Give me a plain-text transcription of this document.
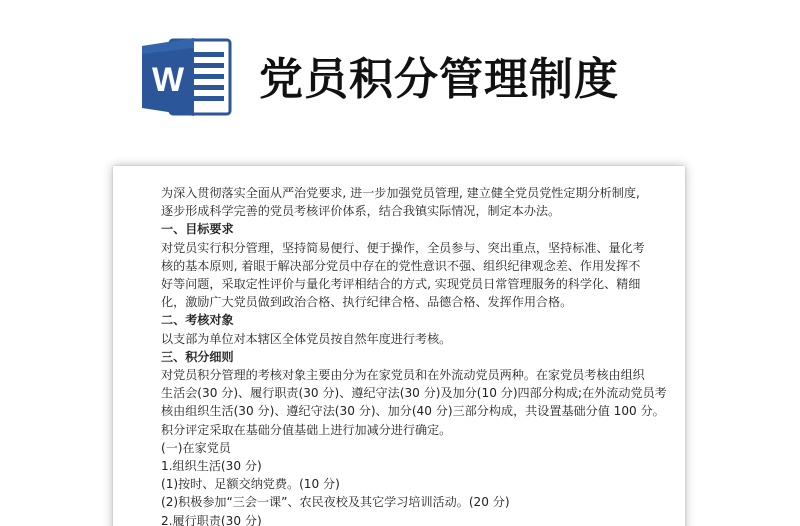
W 党员积分管理制度

为深入贯彻落实全面从严治党要求, 进一步加强党员管理, 建立健全党员党性定期分析制度,

逐步形成科学完善的党员考核评价体系，结合我镇实际情况，制定本办法。

一、目标要求

对党员实行积分管理，坚持简易便行、便于操作，全员参与、突出重点，坚持标准、量化考

核的基本原则, 着眼于解决部分党员中存在的党性意识不强、组织纪律观念差、作用发挥不

好等问题，采取定性评价与量化考评相结合的方式, 实现党员日常管理服务的科学化、精细

化，激励广大党员做到政治合格、执行纪律合格、品德合格、发挥作用合格。

二、考核对象

以支部为单位对本辖区全体党员按自然年度进行考核。

三、积分细则

对党员积分管理的考核对象主要由分为在家党员和在外流动党员两种。在家党员考核由组织

生活会(30 分)、履行职责(30 分)、遵纪守法(30 分)及加分(10 分)四部分构成;在外流动党员考

核由组织生活(30 分)、遵纪守法(30 分)、加分(40 分)三部分构成，共设置基础分值 100 分。

积分评定采取在基础分值基础上进行加减分进行确定。

(一)在家党员

1.组织生活(30 分)

(1)按时、足额交纳党费。(10 分)

(2)积极参加“三会一课”、农民夜校及其它学习培训活动。(20 分)

2.履行职责(30 分)
